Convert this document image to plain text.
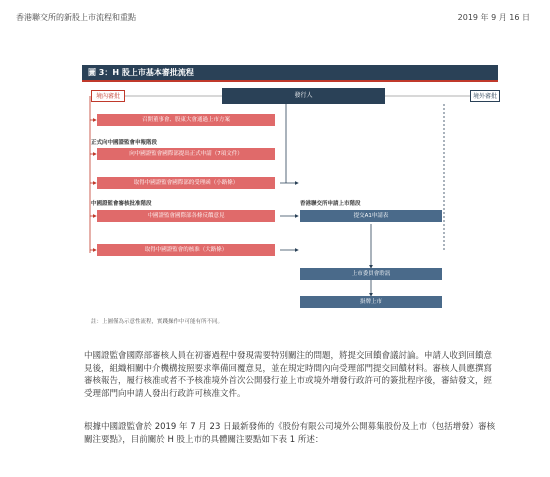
香港聯交所的新股上市流程和重點	2019 年 9 月 16 日
圖 3：H 股上市基本審批流程
境內審批	發行人	境外審批
召開董事會、股東大會通過上市方案
正式向中國證監會申報階段
向中國證監會國際部提出正式申請（7項文件）
取得中國證監會國際部的受理函（小路條）
中國證監會審核批准階段
中國證監會國際部各條反饋意見
取得中國證監會的核准（大路條）
香港聯交所申請上市階段
提交A1申請表
上市委員會聆訊
掛牌上市
註：上圖僅為示意性流程，實踐操作中可能有所不同。
中國證監會國際部審核人員在初審過程中發現需要特別關注的問題，將提交回饋會議討論。申請人收到回饋意見後，組織相關中介機構按照要求準備回覆意見，並在規定時間內向受理部門提交回饋材料。審核人員應撰寫審核報告，履行核准或者不予核准境外首次公開發行並上市或境外增發行政許可的簽批程序後，審結發文，經受理部門向申請人發出行政許可核准文件。
根據中國證監會於 2019 年 7 月 23 日最新發佈的《股份有限公司境外公開募集股份及上市（包括增發）審核關注要點》，目前關於 H 股上市的具體關注要點如下表 1 所述：
